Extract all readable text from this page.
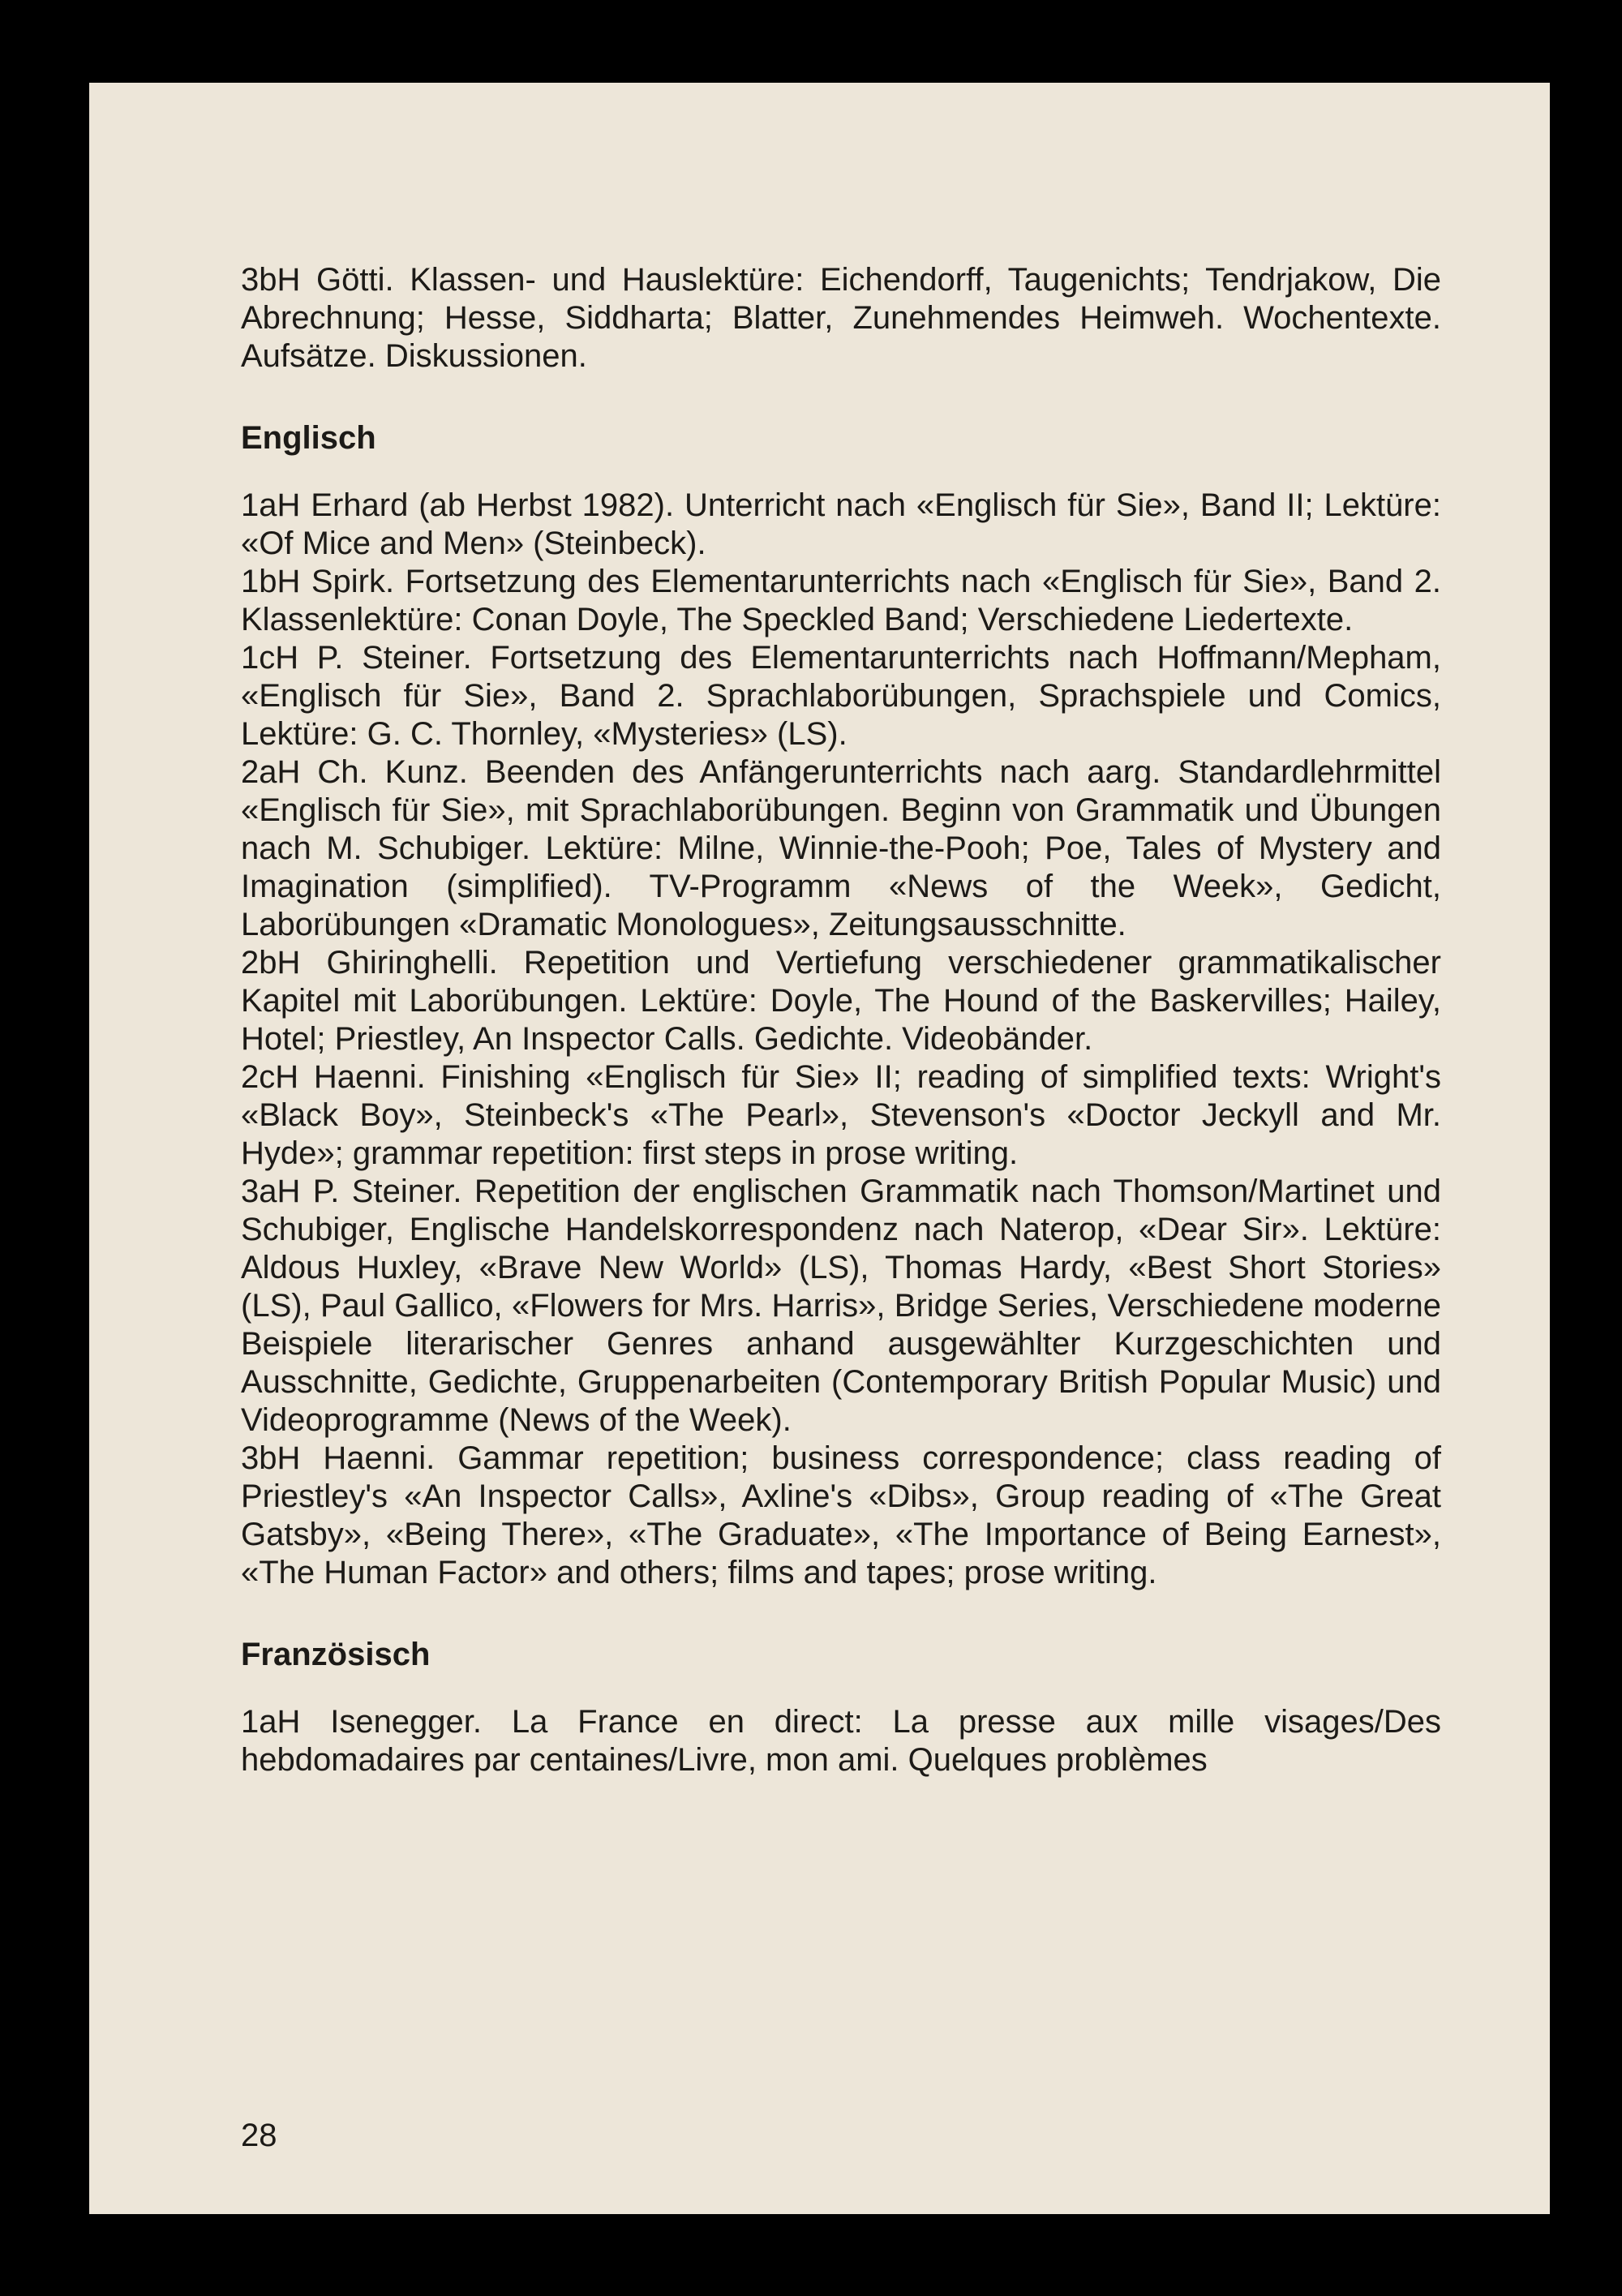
3bH Götti. Klassen- und Hauslektüre: Eichendorff, Taugenichts; Tendrjakow, Die Abrechnung; Hesse, Siddharta; Blatter, Zunehmendes Heimweh. Wochentexte. Aufsätze. Diskussionen.

Englisch

1aH Erhard (ab Herbst 1982). Unterricht nach «Englisch für Sie», Band II; Lektüre: «Of Mice and Men» (Steinbeck).

1bH Spirk. Fortsetzung des Elementarunterrichts nach «Englisch für Sie», Band 2. Klassenlektüre: Conan Doyle, The Speckled Band; Verschiedene Liedertexte.

1cH P. Steiner. Fortsetzung des Elementarunterrichts nach Hoffmann/Mepham, «Englisch für Sie», Band 2. Sprachlaborübungen, Sprachspiele und Comics, Lektüre: G. C. Thornley, «Mysteries» (LS).

2aH Ch. Kunz. Beenden des Anfängerunterrichts nach aarg. Standardlehrmittel «Englisch für Sie», mit Sprachlaborübungen. Beginn von Grammatik und Übungen nach M. Schubiger. Lektüre: Milne, Winnie-the-Pooh; Poe, Tales of Mystery and Imagination (simplified). TV-Programm «News of the Week», Gedicht, Laborübungen «Dramatic Monologues», Zeitungsausschnitte.

2bH Ghiringhelli. Repetition und Vertiefung verschiedener grammatikalischer Kapitel mit Laborübungen. Lektüre: Doyle, The Hound of the Baskervilles; Hailey, Hotel; Priestley, An Inspector Calls. Gedichte. Videobänder.

2cH Haenni. Finishing «Englisch für Sie» II; reading of simplified texts: Wright's «Black Boy», Steinbeck's «The Pearl», Stevenson's «Doctor Jeckyll and Mr. Hyde»; grammar repetition: first steps in prose writing.

3aH P. Steiner. Repetition der englischen Grammatik nach Thomson/Martinet und Schubiger, Englische Handelskorrespondenz nach Naterop, «Dear Sir». Lektüre: Aldous Huxley, «Brave New World» (LS), Thomas Hardy, «Best Short Stories» (LS), Paul Gallico, «Flowers for Mrs. Harris», Bridge Series, Verschiedene moderne Beispiele literarischer Genres anhand ausgewählter Kurzgeschichten und Ausschnitte, Gedichte, Gruppenarbeiten (Contemporary British Popular Music) und Videoprogramme (News of the Week).

3bH Haenni. Gammar repetition; business correspondence; class reading of Priestley's «An Inspector Calls», Axline's «Dibs», Group reading of «The Great Gatsby», «Being There», «The Graduate», «The Importance of Being Earnest», «The Human Factor» and others; films and tapes; prose writing.

Französisch

1aH Isenegger. La France en direct: La presse aux mille visages/Des hebdomadaires par centaines/Livre, mon ami. Quelques problèmes

28
